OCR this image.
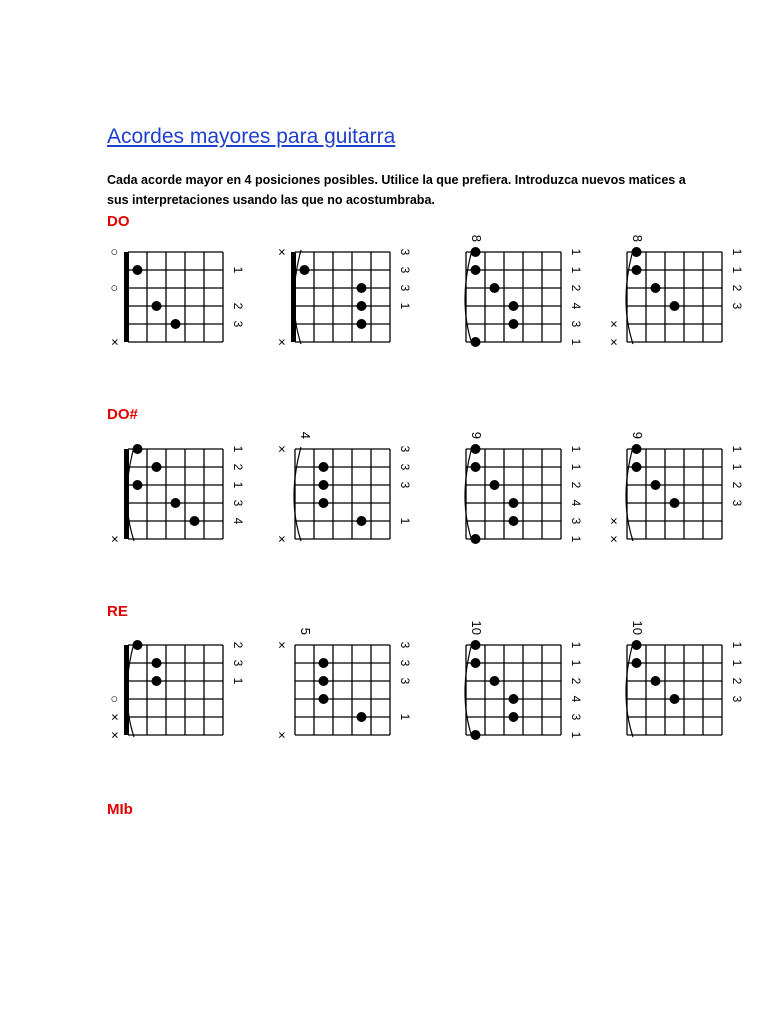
Acordes mayores para guitarra

Cada acorde mayor en 4 posiciones posibles. Utilice la que prefiera. Introduzca nuevos matices a sus interpretaciones usando las que no acostumbraba.

DO
DO#
RE
MIb
×
○
○
3
2
1
×
×
1
3
3
3
8
1
3
4
2
1
1
8
×
×
3
2
1
1
×
4
3
1
2
1
4
×
×
1
3
3
3
9
1
3
4
2
1
1
9
×
×
3
2
1
1
×
×
○
1
3
2
5
×
×
1
3
3
3
10
1
3
4
2
1
1
10
3
2
1
1
